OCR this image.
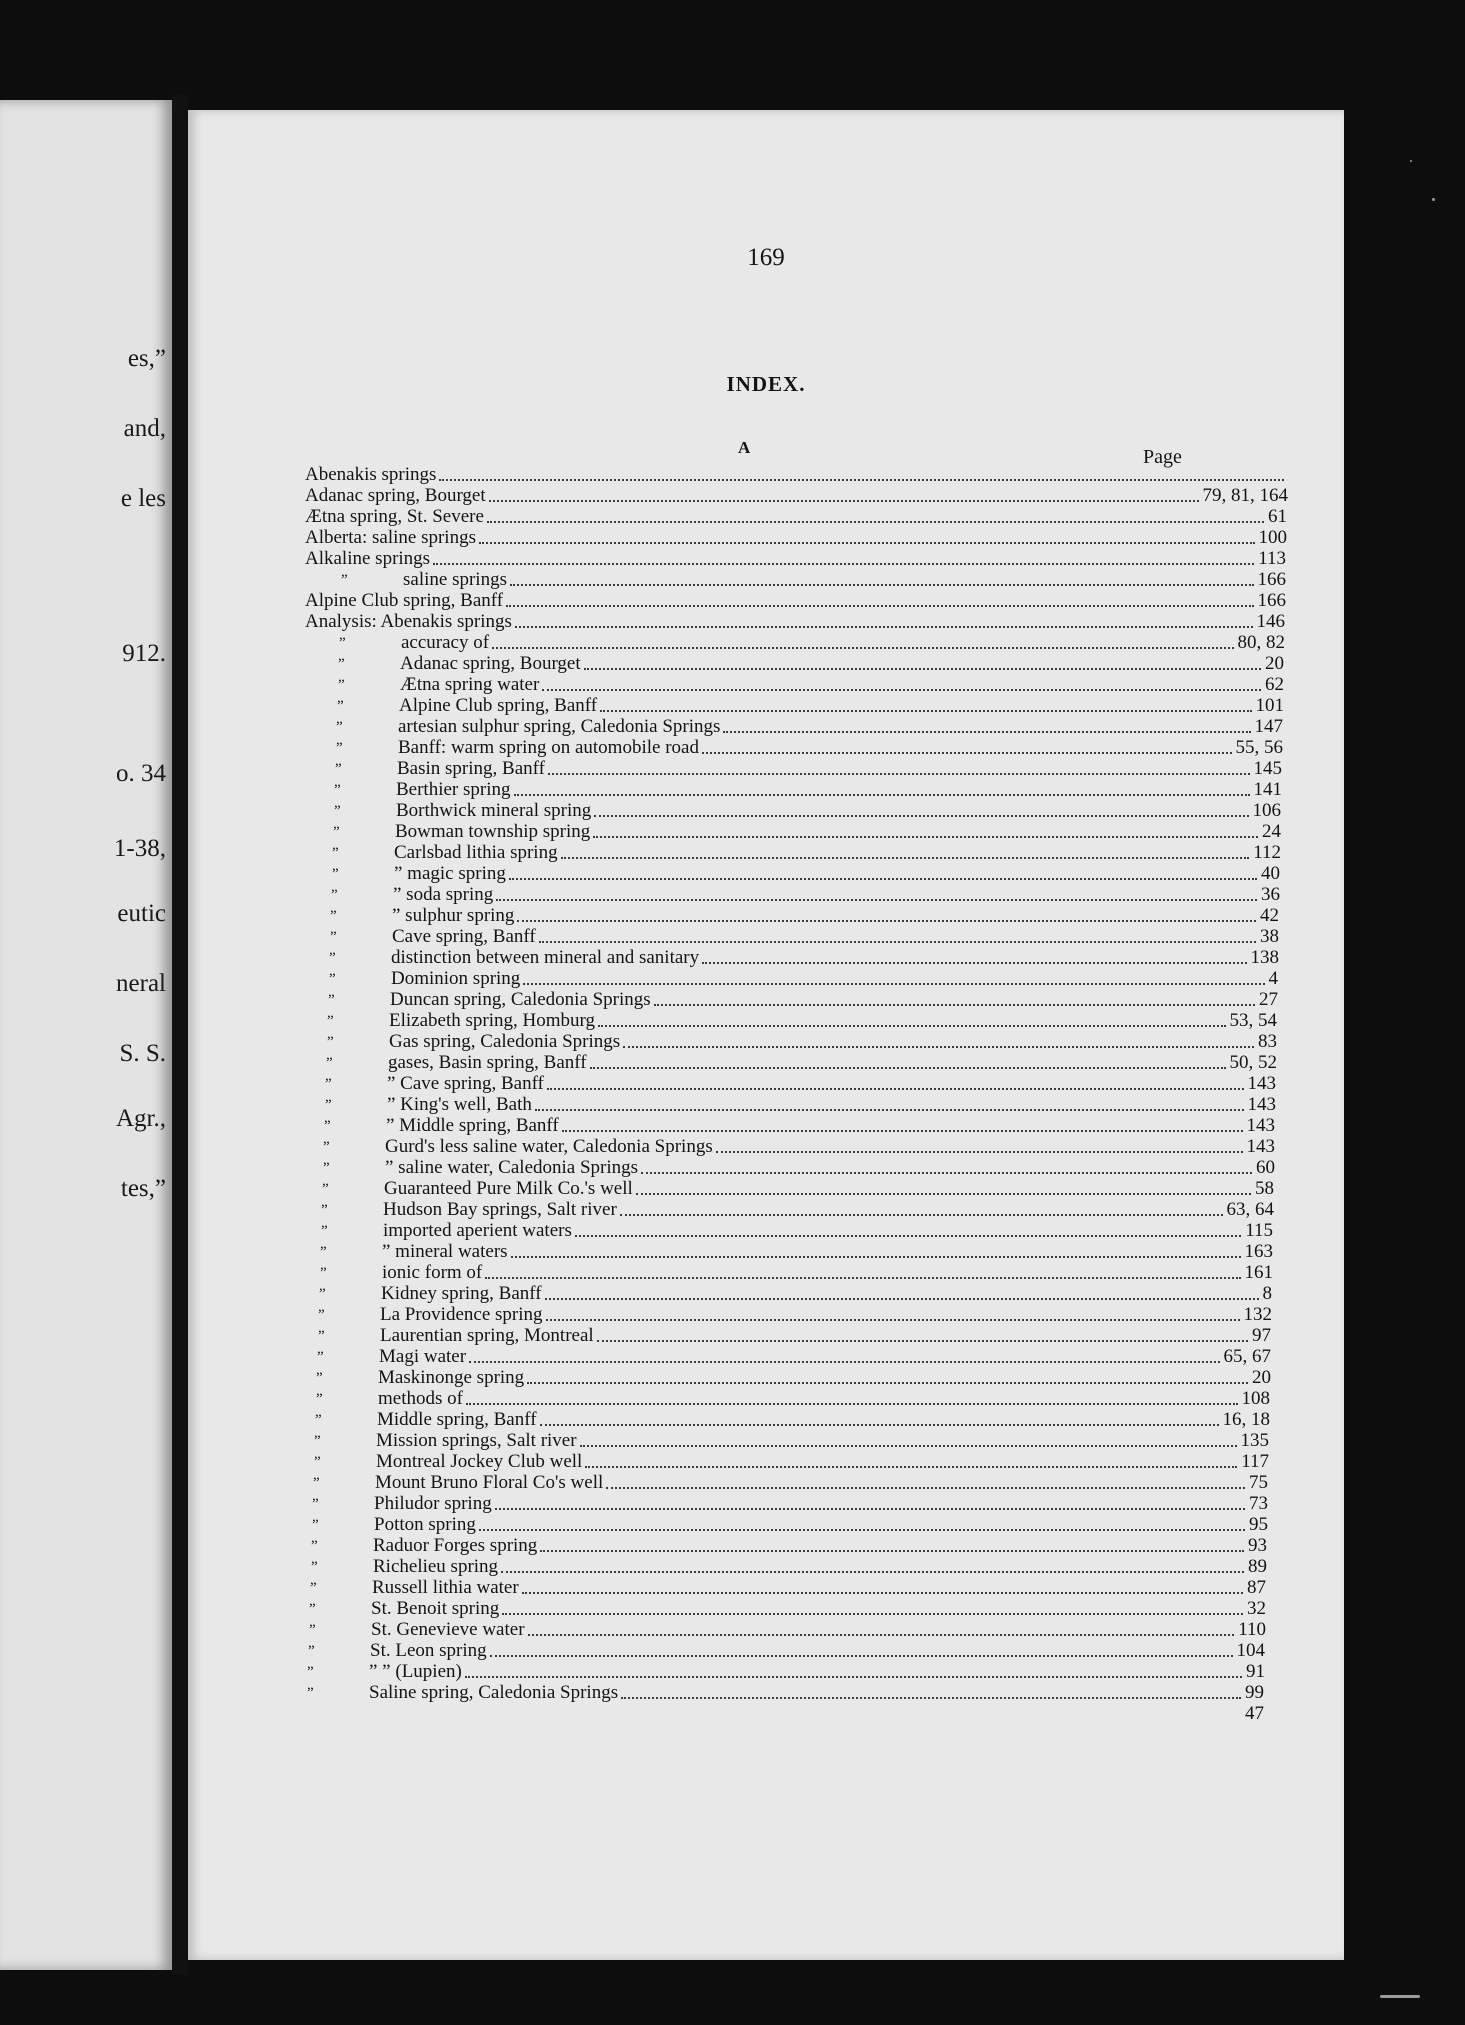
es,”
and,
e les
912.
o. 34
1-38,
eutic
neral
S. S.
Agr.,
tes,”
169
INDEX.
A	Page
Abenakis springs
Adanac spring, Bourget	79, 81, 164
Ætna spring, St. Severe	61
Alberta: saline springs	100
Alkaline springs	113
”	saline springs	166
Alpine Club spring, Banff	166
Analysis: Abenakis springs	146
”	accuracy of	80, 82
”	Adanac spring, Bourget	20
”	Ætna spring water	62
”	Alpine Club spring, Banff	101
”	artesian sulphur spring, Caledonia Springs	147
”	Banff: warm spring on automobile road	55, 56
”	Basin spring, Banff	145
”	Berthier spring	141
”	Borthwick mineral spring	106
”	Bowman township spring	24
”	Carlsbad lithia spring	112
”	” magic spring	40
”	” soda spring	36
”	” sulphur spring	42
”	Cave spring, Banff	38
”	distinction between mineral and sanitary	138
”	Dominion spring	4
”	Duncan spring, Caledonia Springs	27
”	Elizabeth spring, Homburg	53, 54
”	Gas spring, Caledonia Springs	83
”	gases, Basin spring, Banff	50, 52
”	” Cave spring, Banff	143
”	” King's well, Bath	143
”	” Middle spring, Banff	143
”	Gurd's less saline water, Caledonia Springs	143
”	” saline water, Caledonia Springs	60
”	Guaranteed Pure Milk Co.'s well	58
”	Hudson Bay springs, Salt river	63, 64
”	imported aperient waters	115
”	” mineral waters	163
”	ionic form of	161
”	Kidney spring, Banff	8
”	La Providence spring	132
”	Laurentian spring, Montreal	97
”	Magi water	65, 67
”	Maskinonge spring	20
”	methods of	108
”	Middle spring, Banff	16, 18
”	Mission springs, Salt river	135
”	Montreal Jockey Club well	117
”	Mount Bruno Floral Co's well	75
”	Philudor spring	73
”	Potton spring	95
”	Raduor Forges spring	93
”	Richelieu spring	89
”	Russell lithia water	87
”	St. Benoit spring	32
”	St. Genevieve water	110
”	St. Leon spring	104
”	” ” (Lupien)	91
”	Saline spring, Caledonia Springs	99
47
